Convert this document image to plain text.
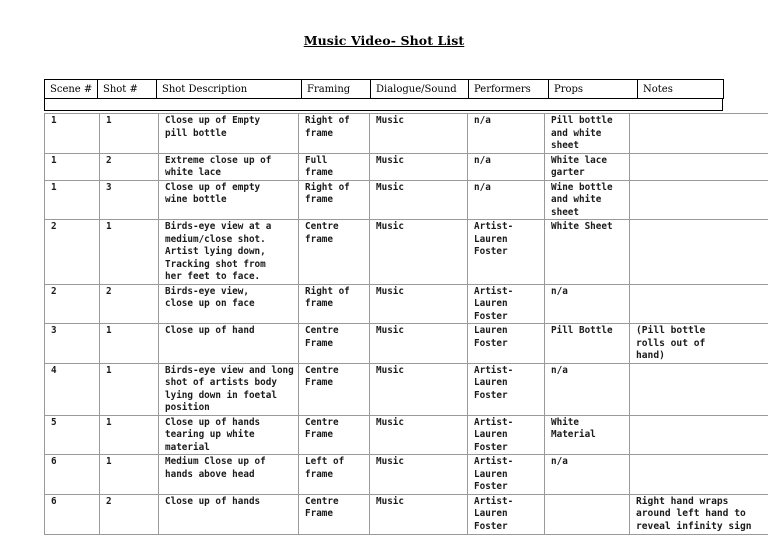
Music Video- Shot List
Scene #	Shot #	Shot Description	Framing	Dialogue/Sound	Performers	Props	Notes
1	1	Close up of Empty
pill bottle	Right of
frame	Music	n/a	Pill bottle
and white
sheet	
1	2	Extreme close up of
white lace	Full
frame	Music	n/a	White lace
garter	
1	3	Close up of empty
wine bottle	Right of
frame	Music	n/a	Wine bottle
and white
sheet	
2	1	Birds-eye view at a
medium/close shot.
Artist lying down,
Tracking shot from
her feet to face.	Centre
frame	Music	Artist-
Lauren
Foster	White Sheet	
2	2	Birds-eye view,
close up on face	Right of
frame	Music	Artist-
Lauren
Foster	n/a	
3	1	Close up of hand	Centre
Frame	Music	Lauren
Foster	Pill Bottle	(Pill bottle
rolls out of
hand)
4	1	Birds-eye view and long
shot of artists body
lying down in foetal
position	Centre
Frame	Music	Artist-
Lauren
Foster	n/a	
5	1	Close up of hands
tearing up white
material	Centre
Frame	Music	Artist-
Lauren
Foster	White
Material	
6	1	Medium Close up of
hands above head	Left of
frame	Music	Artist-
Lauren
Foster	n/a	
6	2	Close up of hands	Centre
Frame	Music	Artist-
Lauren
Foster		Right hand wraps
around left hand to
reveal infinity sign
